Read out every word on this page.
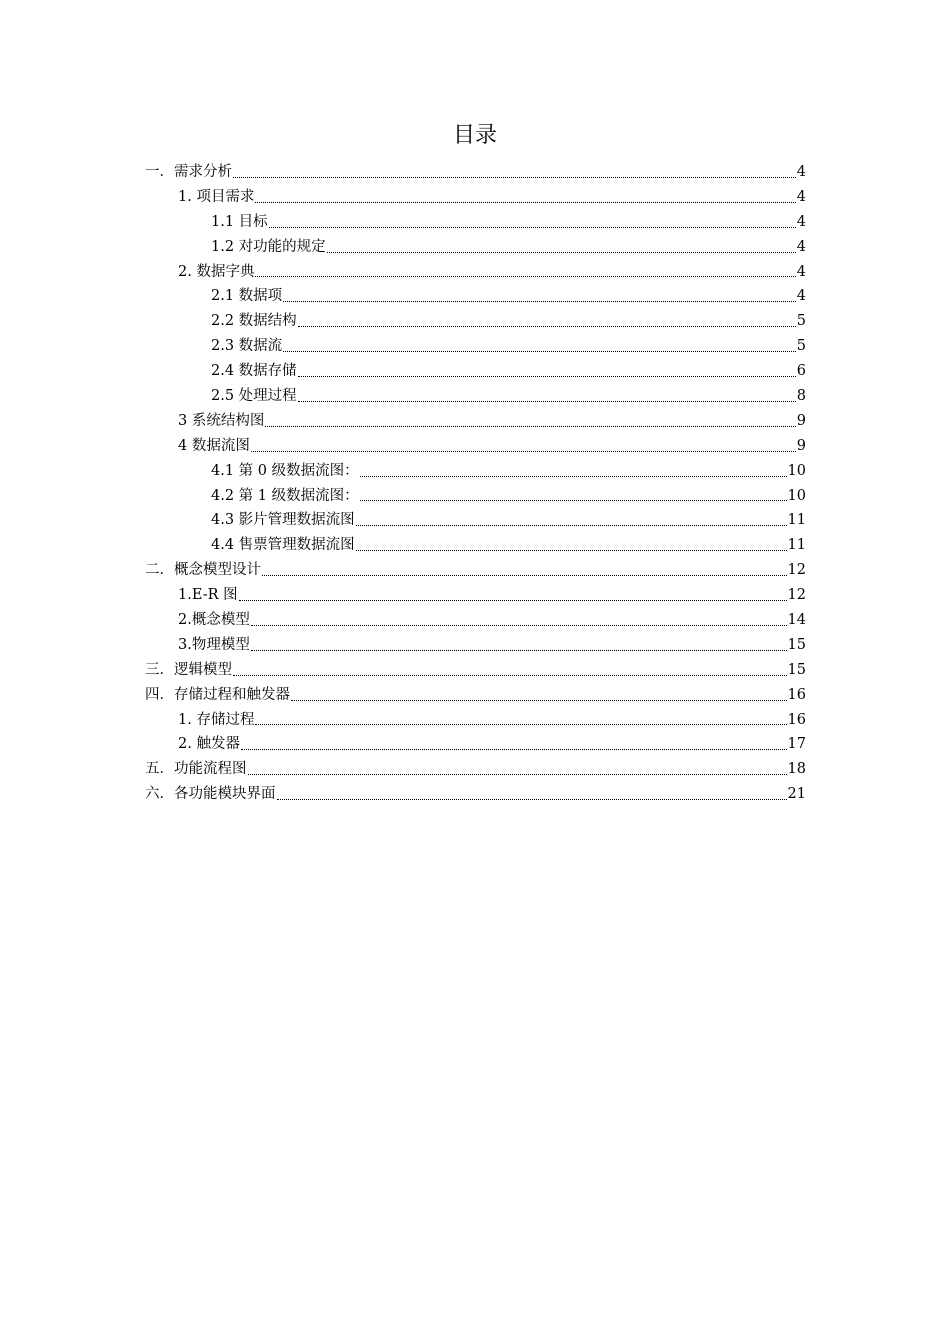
目录
一．需求分析	4
1. 项目需求	4
1.1 目标	4
1.2 对功能的规定	4
2. 数据字典	4
2.1 数据项	4
2.2 数据结构	5
2.3 数据流	5
2.4 数据存储	6
2.5 处理过程	8
3 系统结构图	9
4 数据流图	9
4.1 第 0 级数据流图：	10
4.2 第 1 级数据流图：	10
4.3 影片管理数据流图	11
4.4 售票管理数据流图	11
二．概念模型设计	12
1.E-R 图	12
2.概念模型	14
3.物理模型	15
三．逻辑模型	15
四．存储过程和触发器	16
1. 存储过程	16
2. 触发器	17
五．功能流程图	18
六．各功能模块界面	21
